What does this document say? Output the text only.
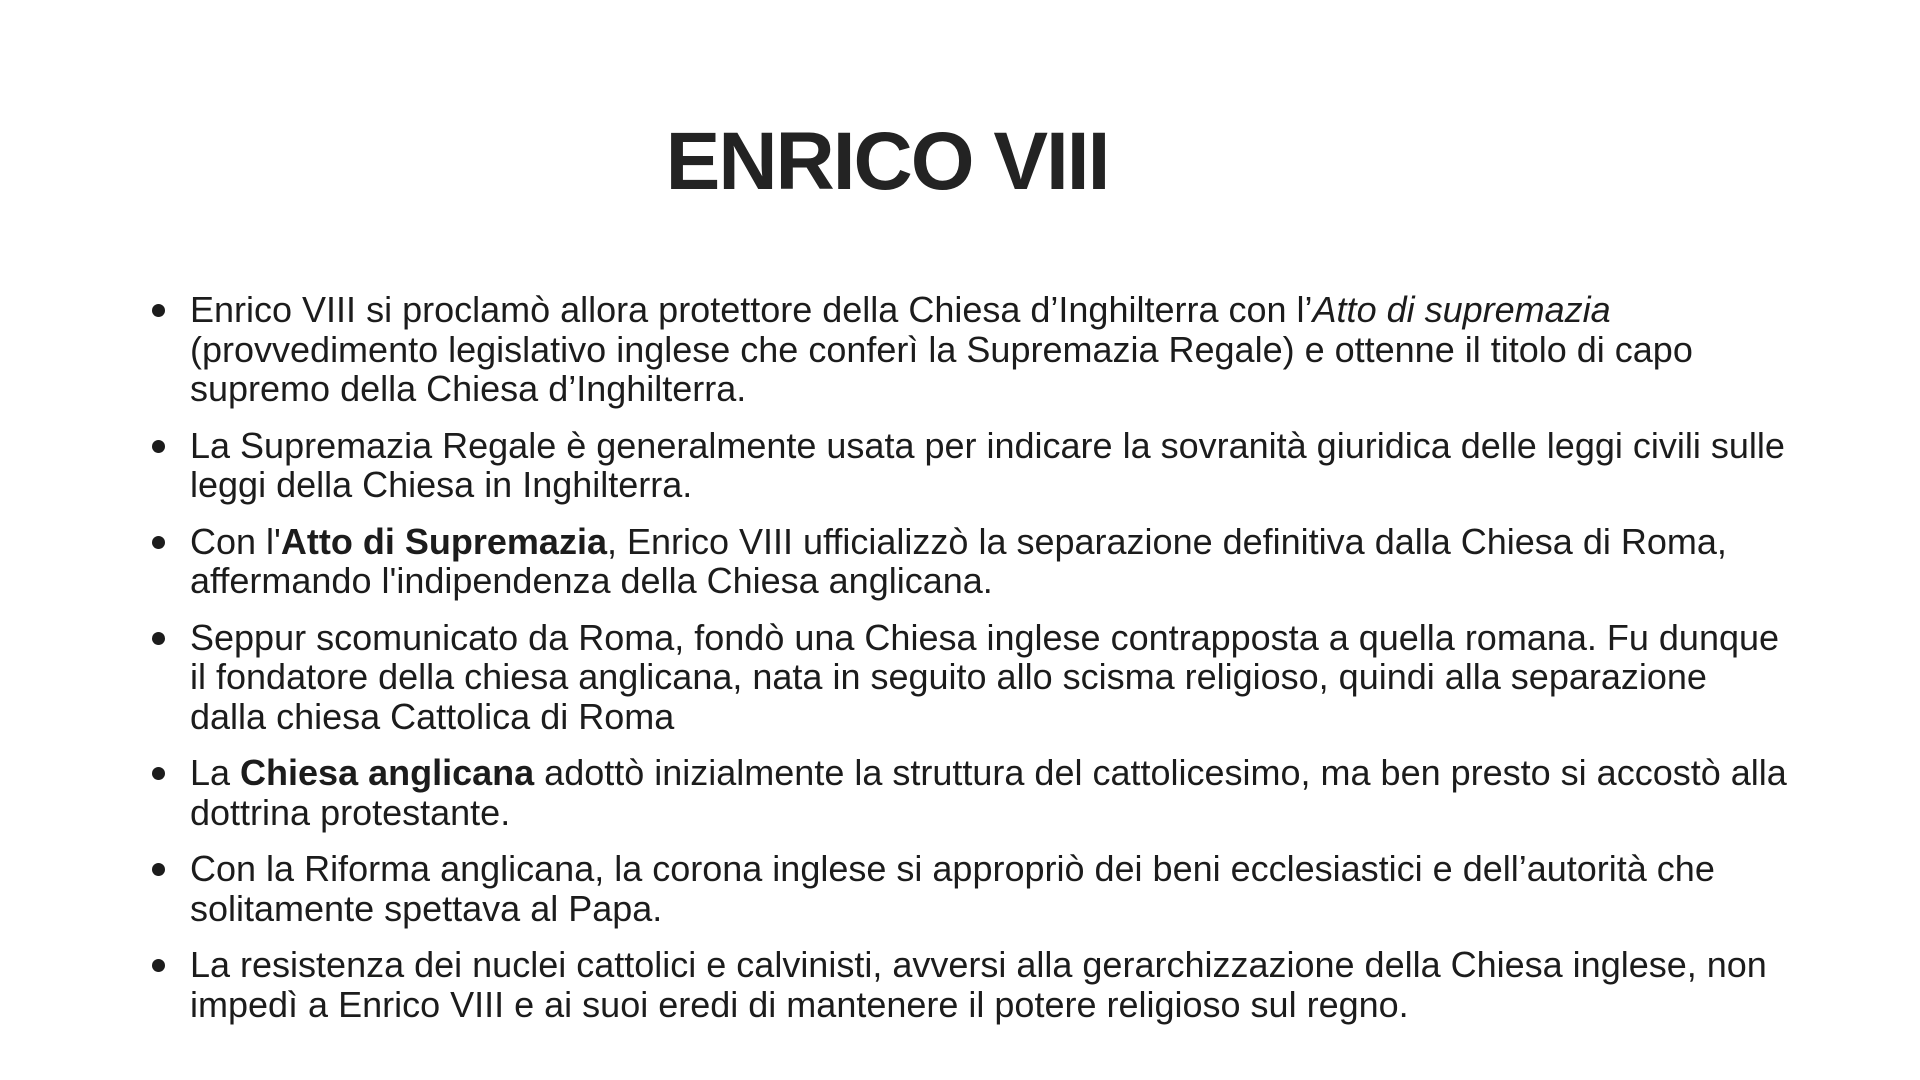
ENRICO VIII
Enrico VIII si proclamò allora protettore della Chiesa d’Inghilterra con l’Atto di supremazia (provvedimento legislativo inglese che conferì la Supremazia Regale) e ottenne il titolo di capo supremo della Chiesa d’Inghilterra.
La Supremazia Regale è generalmente usata per indicare la sovranità giuridica delle leggi civili sulle leggi della Chiesa in Inghilterra.
Con l'Atto di Supremazia, Enrico VIII ufficializzò la separazione definitiva dalla Chiesa di Roma, affermando l'indipendenza della Chiesa anglicana.
Seppur scomunicato da Roma, fondò una Chiesa inglese contrapposta a quella romana. Fu dunque il fondatore della chiesa anglicana, nata in seguito allo scisma religioso, quindi alla separazione dalla chiesa Cattolica di Roma
La Chiesa anglicana adottò inizialmente la struttura del cattolicesimo, ma ben presto si accostò alla dottrina protestante.
Con la Riforma anglicana, la corona inglese si appropriò dei beni ecclesiastici e dell’autorità che solitamente spettava al Papa.
La resistenza dei nuclei cattolici e calvinisti, avversi alla gerarchizzazione della Chiesa inglese, non impedì a Enrico VIII e ai suoi eredi di mantenere il potere religioso sul regno.
